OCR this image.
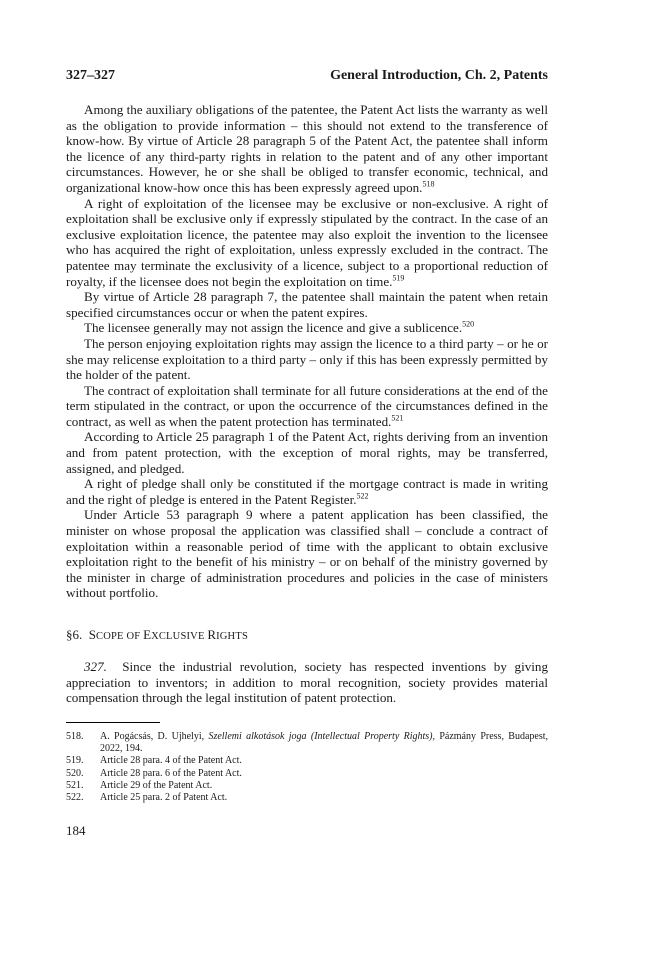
327–327	General Introduction, Ch. 2, Patents

Among the auxiliary obligations of the patentee, the Patent Act lists the warranty as well as the obligation to provide information – this should not extend to the transference of know-how. By virtue of Article 28 paragraph 5 of the Patent Act, the patentee shall inform the licence of any third-party rights in relation to the patent and of any other important circumstances. However, he or she shall be obliged to transfer economic, technical, and organizational know-how once this has been expressly agreed upon.$^{518}$

A right of exploitation of the licensee may be exclusive or non-exclusive. A right of exploitation shall be exclusive only if expressly stipulated by the contract. In the case of an exclusive exploitation licence, the patentee may also exploit the invention to the licensee who has acquired the right of exploitation, unless expressly excluded in the contract. The patentee may terminate the exclusivity of a licence, subject to a proportional reduction of royalty, if the licensee does not begin the exploitation on time.$^{519}$

By virtue of Article 28 paragraph 7, the patentee shall maintain the patent when retain specified circumstances occur or when the patent expires.

The licensee generally may not assign the licence and give a sublicence.$^{520}$

The person enjoying exploitation rights may assign the licence to a third party – or he or she may relicense exploitation to a third party – only if this has been expressly permitted by the holder of the patent.

The contract of exploitation shall terminate for all future considerations at the end of the term stipulated in the contract, or upon the occurrence of the circumstances defined in the contract, as well as when the patent protection has terminated.$^{521}$

According to Article 25 paragraph 1 of the Patent Act, rights deriving from an invention and from patent protection, with the exception of moral rights, may be transferred, assigned, and pledged.

A right of pledge shall only be constituted if the mortgage contract is made in writing and the right of pledge is entered in the Patent Register.$^{522}$

Under Article 53 paragraph 9 where a patent application has been classified, the minister on whose proposal the application was classified shall – conclude a contract of exploitation within a reasonable period of time with the applicant to obtain exclusive exploitation right to the benefit of his ministry – or on behalf of the ministry governed by the minister in charge of administration procedures and policies in the case of ministers without portfolio.

§6. SCOPE OF EXCLUSIVE RIGHTS

327. Since the industrial revolution, society has respected inventions by giving appreciation to inventors; in addition to moral recognition, society provides material compensation through the legal institution of patent protection.

518.	A. Pogácsás, D. Ujhelyi, Szellemi alkotások joga (Intellectual Property Rights), Pázmány Press, Budapest, 2022, 194.
519.	Article 28 para. 4 of the Patent Act.
520.	Article 28 para. 6 of the Patent Act.
521.	Article 29 of the Patent Act.
522.	Article 25 para. 2 of Patent Act.
184
